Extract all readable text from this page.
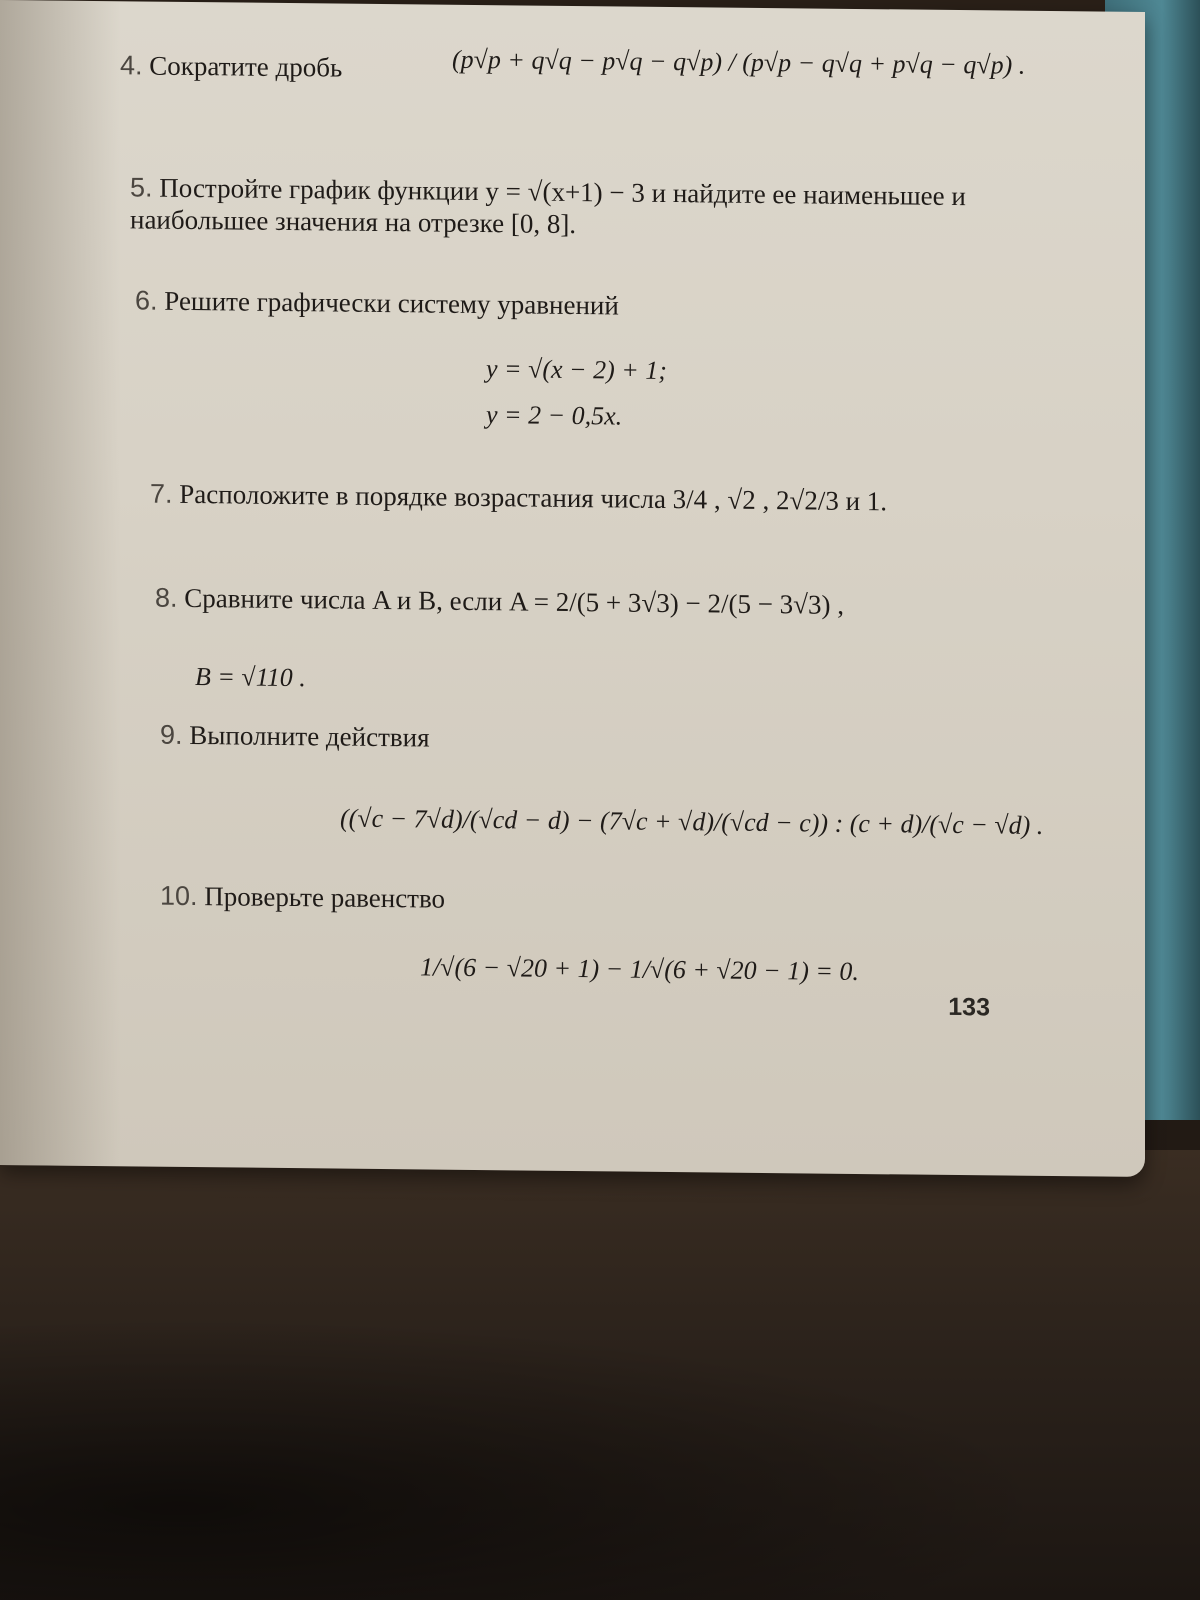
4. Сократите дробь	(p√p + q√q − p√q − q√p) / (p√p − q√q + p√q − q√p) .
5. Постройте график функции y = √(x+1) − 3 и найдите ее наименьшее и наибольшее значения на отрезке [0, 8].
6. Решите графически систему уравнений
y = √(x − 2) + 1;
y = 2 − 0,5x.
7. Расположите в порядке возрастания числа 3/4 , √2 , 2√2/3 и 1.
8. Сравните числа A и B, если A = 2/(5 + 3√3) − 2/(5 − 3√3) ,
B = √110 .
9. Выполните действия
((√c − 7√d)/(√cd − d) − (7√c + √d)/(√cd − c)) : (c + d)/(√c − √d) .
10. Проверьте равенство
1/√(6 − √20 + 1) − 1/√(6 + √20 − 1) = 0.
133
